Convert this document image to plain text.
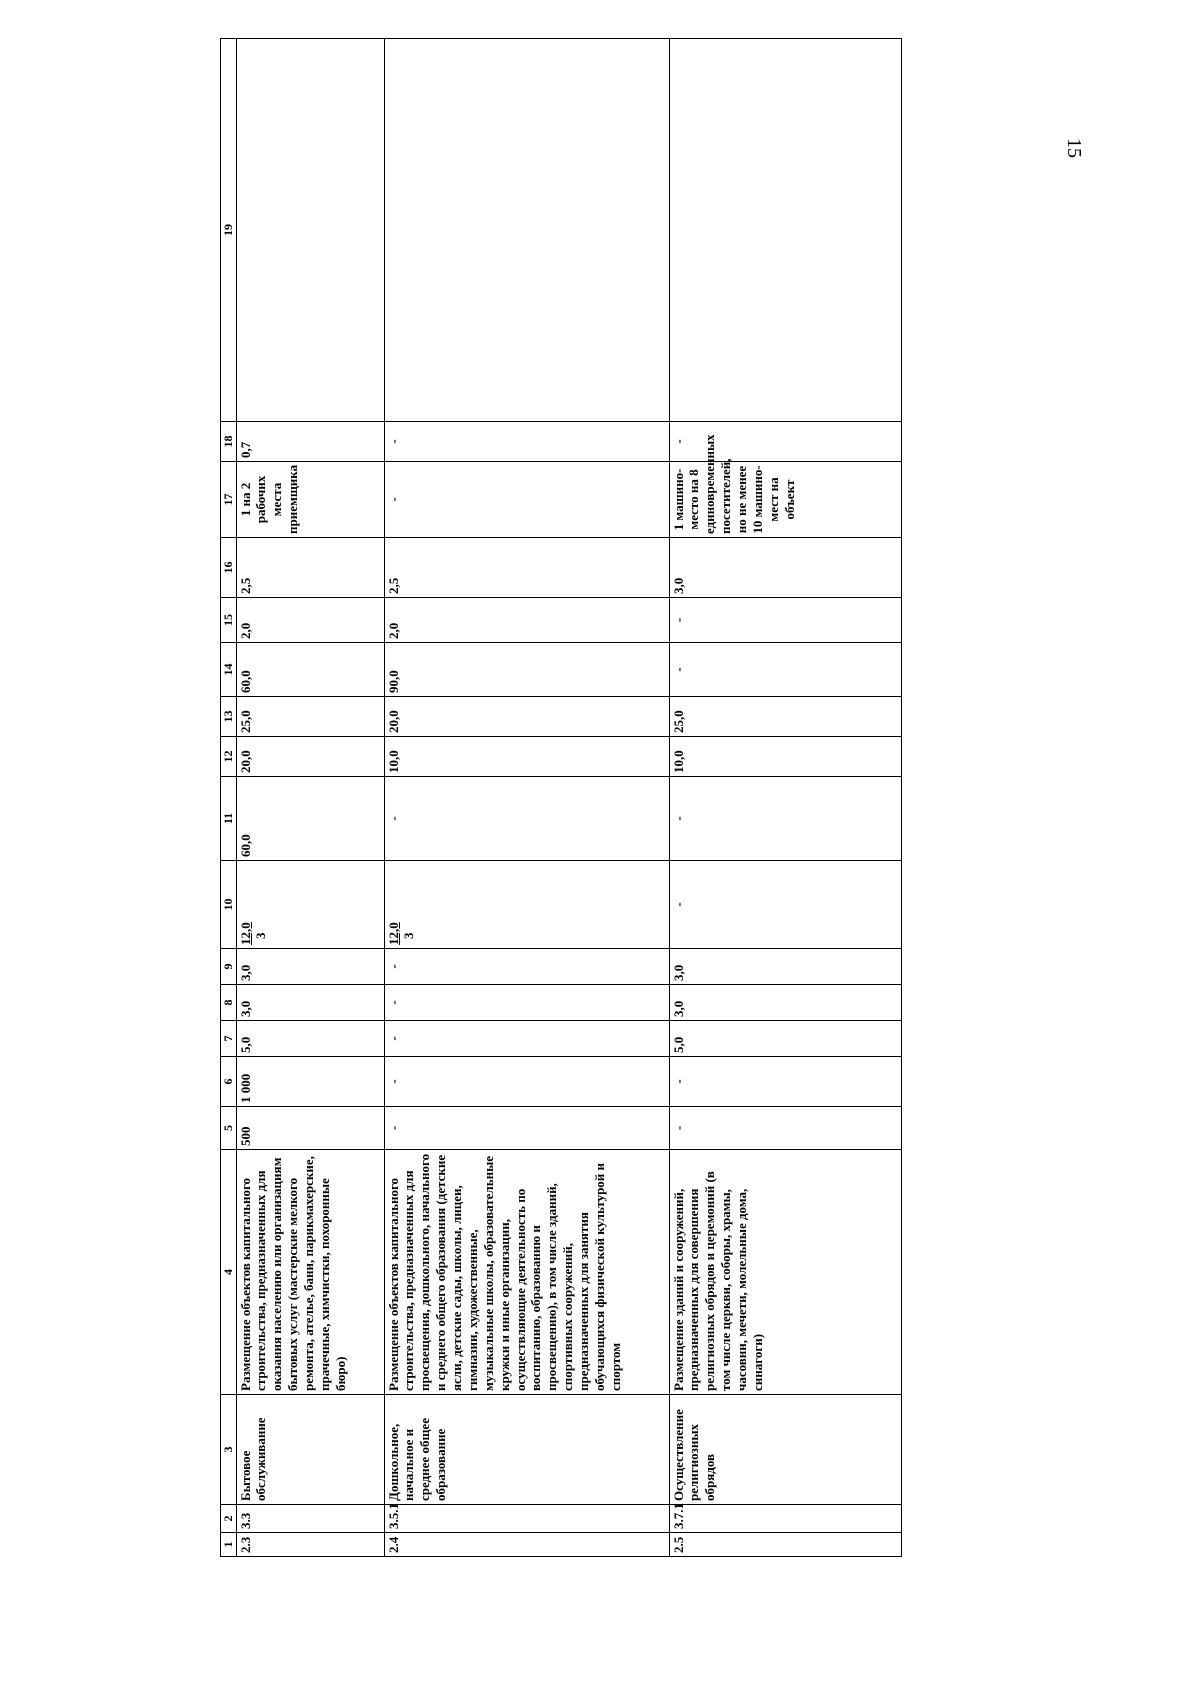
15
1	2	3	4	5	6	7	8	9	10	11	12	13	14	15	16	17	18	19
2.3	3.3	Бытовое обслуживание	Размещение объектов капитального строительства, предназначенных для оказания населению или организациям бытовых услуг (мастерские мелкого ремонта, ателье, бани, парикмахерские, прачечные, химчистки, похоронные бюро)	500	1 000	5,0	3,0	3,0	12,0 3	60,0	20,0	25,0	60,0	2,0	2,5	1 на 2 рабочих места приемщика	0,7	
2.4	3.5.1	Дошкольное, начальное и среднее общее образование	Размещение объектов капитального строительства, предназначенных для просвещения, дошкольного, начального и среднего общего образования (детские ясли, детские сады, школы, лицеи, гимназии, художественные, музыкальные школы, образовательные кружки и иные организации, осуществляющие деятельность по воспитанию, образованию и просвещению), в том числе зданий, спортивных сооружений, предназначенных для занятия обучающихся физической культурой и спортом	-	-	-	-	-	12,0 3	-	10,0	20,0	90,0	2,0	2,5	-	-	
2.5	3.7.1	Осуществление религиозных обрядов	Размещение зданий и сооружений, предназначенных для совершения религиозных обрядов и церемоний (в том числе церкви, соборы, храмы, часовни, мечети, молельные дома, синагоги)	-	-	5,0	3,0	3,0	-	-	10,0	25,0	-	-	3,0	1 машино-место на 8 единовременных посетителей, но не менее 10 машино-мест на объект	-	
